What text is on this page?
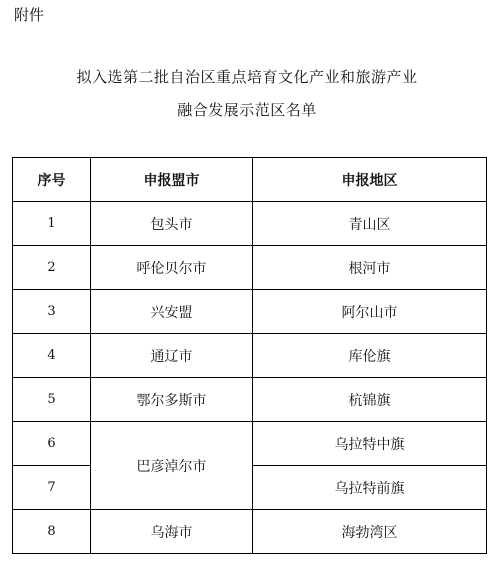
附件
拟入选第二批自治区重点培育文化产业和旅游产业
融合发展示范区名单
序号	申报盟市	申报地区
1	包头市	青山区
2	呼伦贝尔市	根河市
3	兴安盟	阿尔山市
4	通辽市	库伦旗
5	鄂尔多斯市	杭锦旗
6	巴彦淖尔市	乌拉特中旗
7		乌拉特前旗
8	乌海市	海勃湾区
